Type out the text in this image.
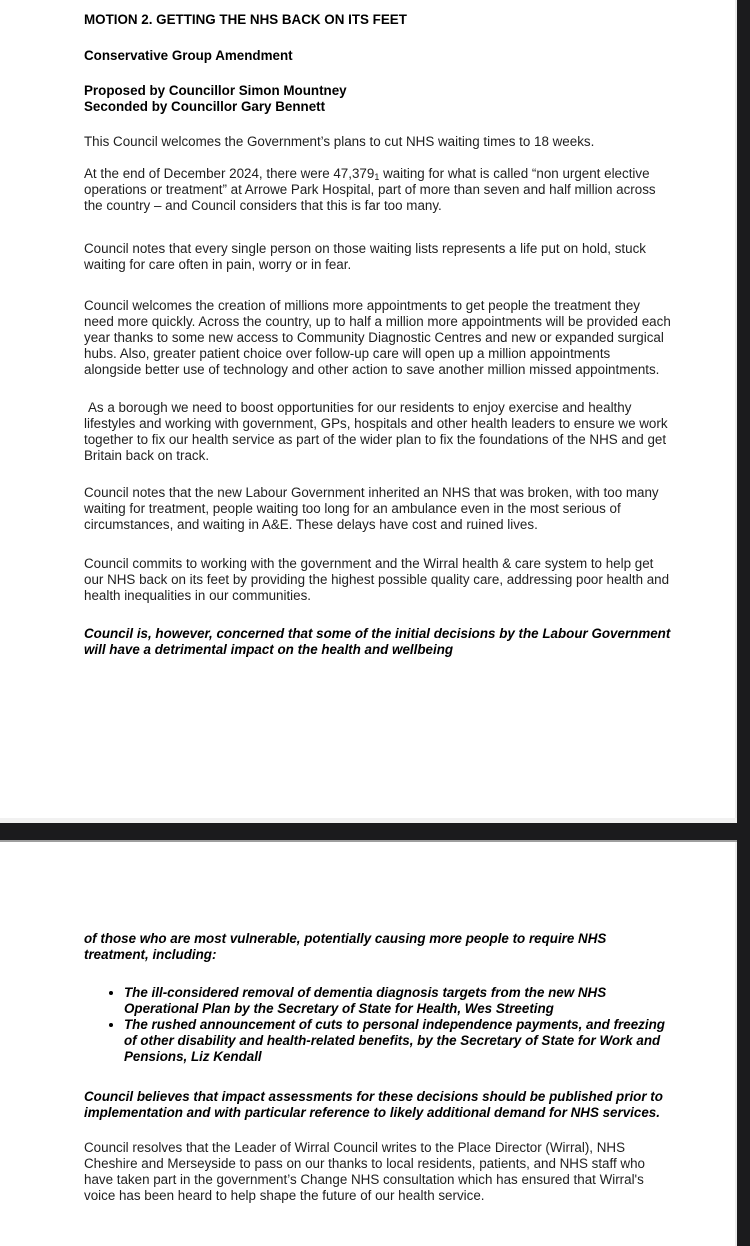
MOTION 2. GETTING THE NHS BACK ON ITS FEET

Conservative Group Amendment

Proposed by Councillor Simon Mountney
Seconded by Councillor Gary Bennett

This Council welcomes the Government’s plans to cut NHS waiting times to 18 weeks.

At the end of December 2024, there were $47,379_1$ waiting for what is called “non urgent elective operations or treatment” at Arrowe Park Hospital, part of more than seven and half million across the country – and Council considers that this is far too many.

Council notes that every single person on those waiting lists represents a life put on hold, stuck waiting for care often in pain, worry or in fear.

Council welcomes the creation of millions more appointments to get people the treatment they need more quickly. Across the country, up to half a million more appointments will be provided each year thanks to some new access to Community Diagnostic Centres and new or expanded surgical hubs. Also, greater patient choice over follow-up care will open up a million appointments alongside better use of technology and other action to save another million missed appointments.

As a borough we need to boost opportunities for our residents to enjoy exercise and healthy lifestyles and working with government, GPs, hospitals and other health leaders to ensure we work together to fix our health service as part of the wider plan to fix the foundations of the NHS and get Britain back on track.

Council notes that the new Labour Government inherited an NHS that was broken, with too many waiting for treatment, people waiting too long for an ambulance even in the most serious of circumstances, and waiting in A&E. These delays have cost and ruined lives.

Council commits to working with the government and the Wirral health & care system to help get our NHS back on its feet by providing the highest possible quality care, addressing poor health and health inequalities in our communities.

Council is, however, concerned that some of the initial decisions by the Labour Government will have a detrimental impact on the health and wellbeing

of those who are most vulnerable, potentially causing more people to require NHS treatment, including:

• The ill-considered removal of dementia diagnosis targets from the new NHS Operational Plan by the Secretary of State for Health, Wes Streeting
• The rushed announcement of cuts to personal independence payments, and freezing of other disability and health-related benefits, by the Secretary of State for Work and Pensions, Liz Kendall

Council believes that impact assessments for these decisions should be published prior to implementation and with particular reference to likely additional demand for NHS services.

Council resolves that the Leader of Wirral Council writes to the Place Director (Wirral), NHS Cheshire and Merseyside to pass on our thanks to local residents, patients, and NHS staff who have taken part in the government’s Change NHS consultation which has ensured that Wirral's voice has been heard to help shape the future of our health service.
